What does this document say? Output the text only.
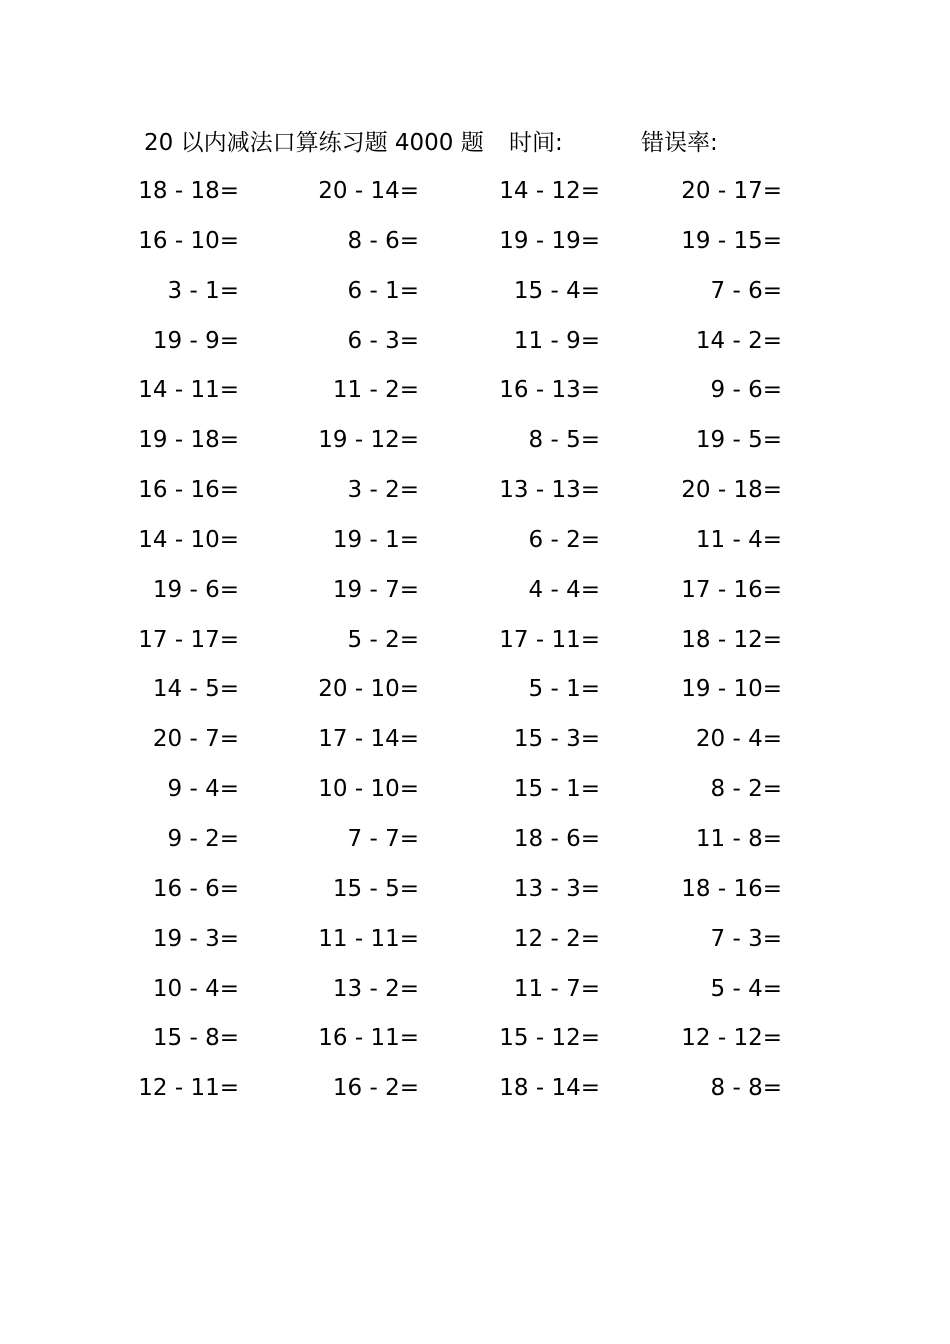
20 以内减法口算练习题 4000 题 时间:	错误率:
18 - 18=	20 - 14=	14 - 12=	20 - 17=
16 - 10=	8 - 6=	19 - 19=	19 - 15=
3 - 1=	6 - 1=	15 - 4=	7 - 6=
19 - 9=	6 - 3=	11 - 9=	14 - 2=
14 - 11=	11 - 2=	16 - 13=	9 - 6=
19 - 18=	19 - 12=	8 - 5=	19 - 5=
16 - 16=	3 - 2=	13 - 13=	20 - 18=
14 - 10=	19 - 1=	6 - 2=	11 - 4=
19 - 6=	19 - 7=	4 - 4=	17 - 16=
17 - 17=	5 - 2=	17 - 11=	18 - 12=
14 - 5=	20 - 10=	5 - 1=	19 - 10=
20 - 7=	17 - 14=	15 - 3=	20 - 4=
9 - 4=	10 - 10=	15 - 1=	8 - 2=
9 - 2=	7 - 7=	18 - 6=	11 - 8=
16 - 6=	15 - 5=	13 - 3=	18 - 16=
19 - 3=	11 - 11=	12 - 2=	7 - 3=
10 - 4=	13 - 2=	11 - 7=	5 - 4=
15 - 8=	16 - 11=	15 - 12=	12 - 12=
12 - 11=	16 - 2=	18 - 14=	8 - 8=
